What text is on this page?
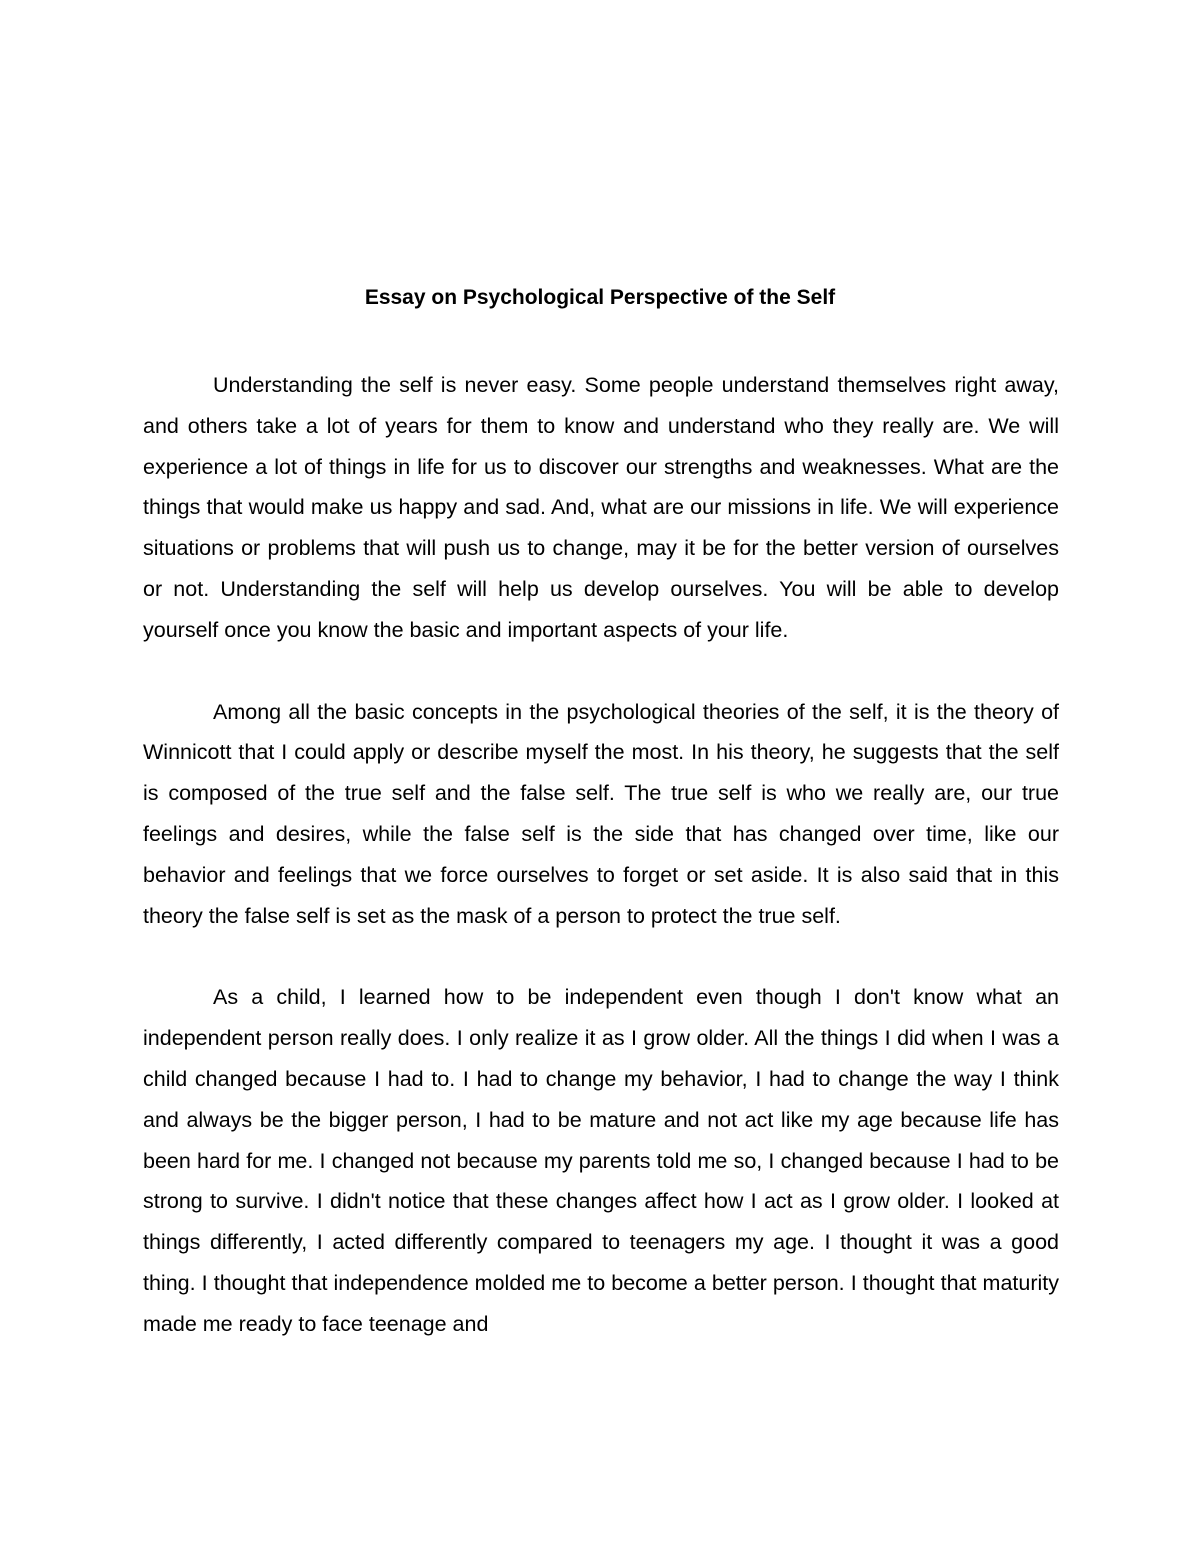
Essay on Psychological Perspective of the Self

Understanding the self is never easy. Some people understand themselves right away, and others take a lot of years for them to know and understand who they really are. We will experience a lot of things in life for us to discover our strengths and weaknesses. What are the things that would make us happy and sad. And, what are our missions in life. We will experience situations or problems that will push us to change, may it be for the better version of ourselves or not. Understanding the self will help us develop ourselves. You will be able to develop yourself once you know the basic and important aspects of your life.

Among all the basic concepts in the psychological theories of the self, it is the theory of Winnicott that I could apply or describe myself the most. In his theory, he suggests that the self is composed of the true self and the false self. The true self is who we really are, our true feelings and desires, while the false self is the side that has changed over time, like our behavior and feelings that we force ourselves to forget or set aside. It is also said that in this theory the false self is set as the mask of a person to protect the true self.

As a child, I learned how to be independent even though I don't know what an independent person really does. I only realize it as I grow older. All the things I did when I was a child changed because I had to. I had to change my behavior, I had to change the way I think and always be the bigger person, I had to be mature and not act like my age because life has been hard for me. I changed not because my parents told me so, I changed because I had to be strong to survive. I didn't notice that these changes affect how I act as I grow older. I looked at things differently, I acted differently compared to teenagers my age. I thought it was a good thing. I thought that independence molded me to become a better person. I thought that maturity made me ready to face teenage and
